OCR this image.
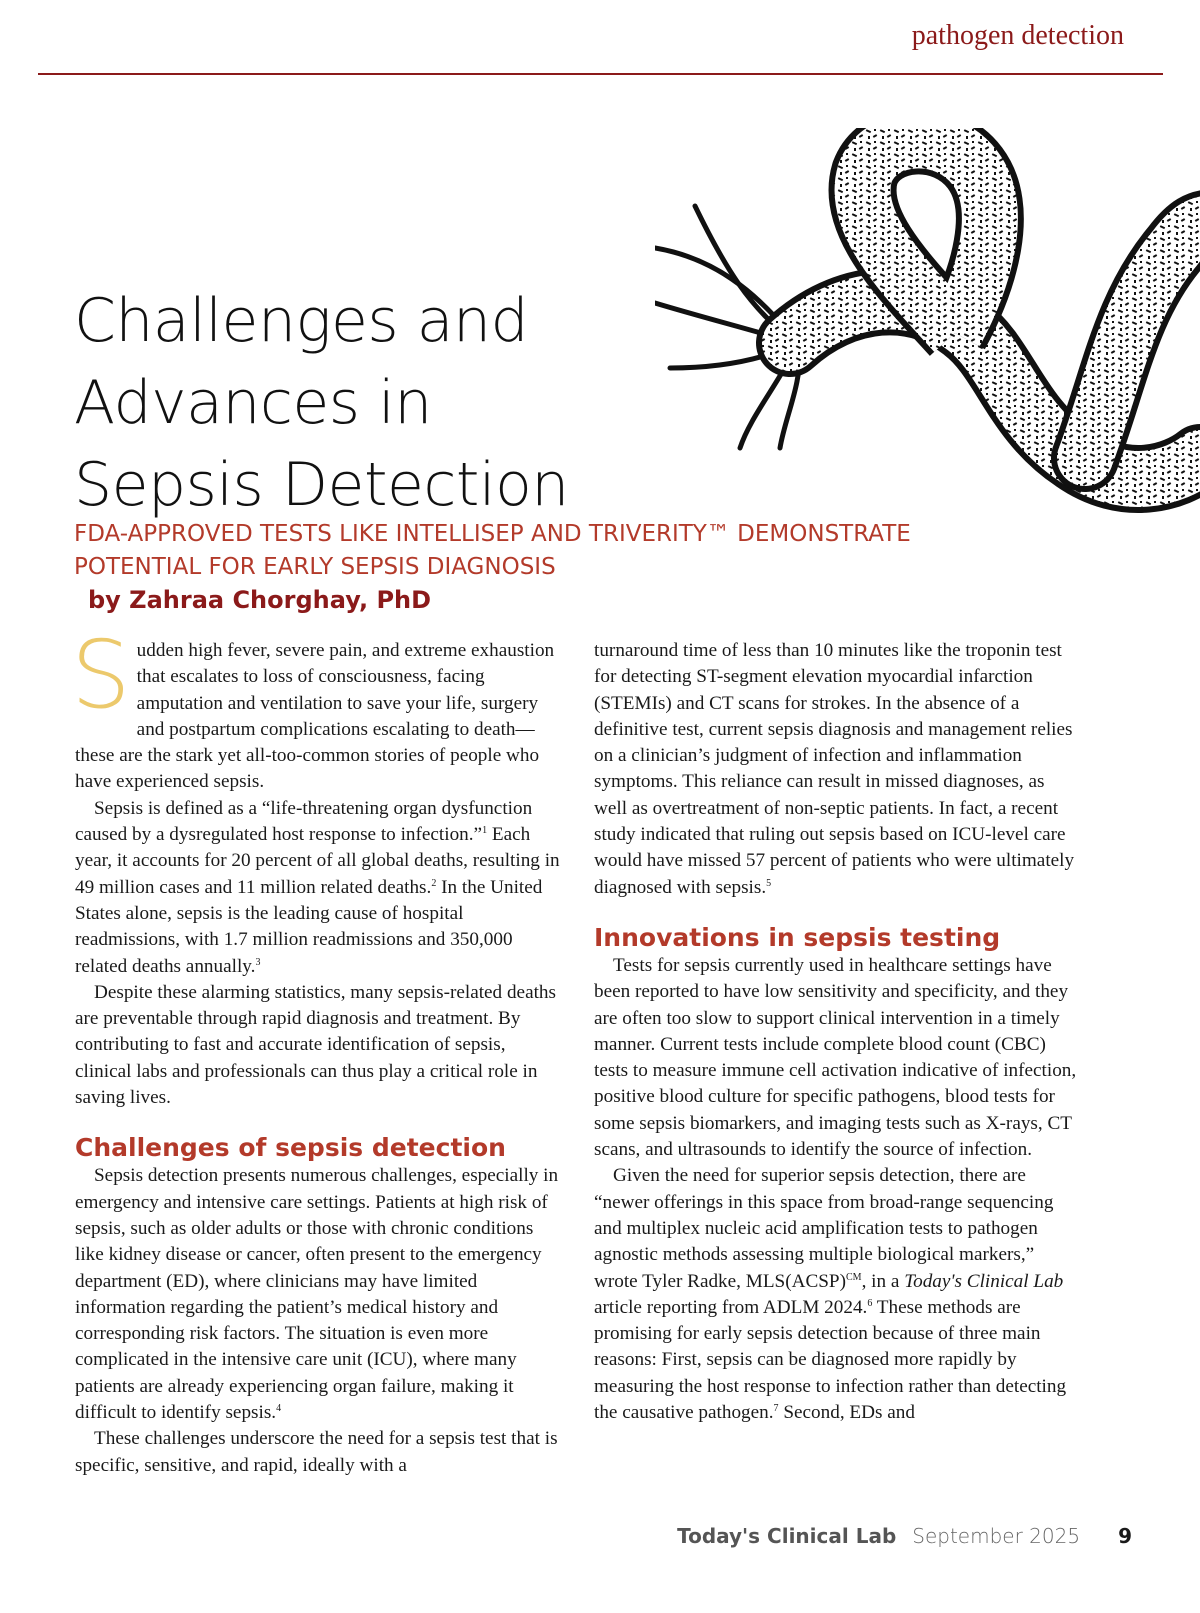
pathogen detection
Challenges and
Advances in
Sepsis Detection
FDA-APPROVED TESTS LIKE INTELLISEP AND TRIVERITY™ DEMONSTRATE
POTENTIAL FOR EARLY SEPSIS DIAGNOSIS
by Zahraa Chorghay, PhD

Sudden high fever, severe pain, and extreme exhaustion that escalates to loss of consciousness, facing amputation and ventilation to save your life, surgery and postpartum complications escalating to death—these are the stark yet all-too-common stories of people who have experienced sepsis.

Sepsis is defined as a “life-threatening organ dysfunction caused by a dysregulated host response to infection.”$^1$ Each year, it accounts for 20 percent of all global deaths, resulting in 49 million cases and 11 million related deaths.$^2$ In the United States alone, sepsis is the leading cause of hospital readmissions, with 1.7 million readmissions and 350,000 related deaths annually.$^3$

Despite these alarming statistics, many sepsis-related deaths are preventable through rapid diagnosis and treatment. By contributing to fast and accurate identification of sepsis, clinical labs and professionals can thus play a critical role in saving lives.

Challenges of sepsis detection

Sepsis detection presents numerous challenges, especially in emergency and intensive care settings. Patients at high risk of sepsis, such as older adults or those with chronic conditions like kidney disease or cancer, often present to the emergency department (ED), where clinicians may have limited information regarding the patient’s medical history and corresponding risk factors. The situation is even more complicated in the intensive care unit (ICU), where many patients are already experiencing organ failure, making it difficult to identify sepsis.$^4$

These challenges underscore the need for a sepsis test that is specific, sensitive, and rapid, ideally with a

turnaround time of less than 10 minutes like the troponin test for detecting ST-segment elevation myocardial infarction (STEMIs) and CT scans for strokes. In the absence of a definitive test, current sepsis diagnosis and management relies on a clinician’s judgment of infection and inflammation symptoms. This reliance can result in missed diagnoses, as well as overtreatment of non-septic patients. In fact, a recent study indicated that ruling out sepsis based on ICU-level care would have missed 57 percent of patients who were ultimately diagnosed with sepsis.$^5$

Innovations in sepsis testing

Tests for sepsis currently used in healthcare settings have been reported to have low sensitivity and specificity, and they are often too slow to support clinical intervention in a timely manner. Current tests include complete blood count (CBC) tests to measure immune cell activation indicative of infection, positive blood culture for specific pathogens, blood tests for some sepsis biomarkers, and imaging tests such as X-rays, CT scans, and ultrasounds to identify the source of infection.

Given the need for superior sepsis detection, there are “newer offerings in this space from broad-range sequencing and multiplex nucleic acid amplification tests to pathogen agnostic methods assessing multiple biological markers,” wrote Tyler Radke, MLS(ACSP)$^{CM}$, in a Today's Clinical Lab article reporting from ADLM 2024.$^6$ These methods are promising for early sepsis detection because of three main reasons: First, sepsis can be diagnosed more rapidly by measuring the host response to infection rather than detecting the causative pathogen.$^7$ Second, EDs and

Today's Clinical Lab September 2025 9
